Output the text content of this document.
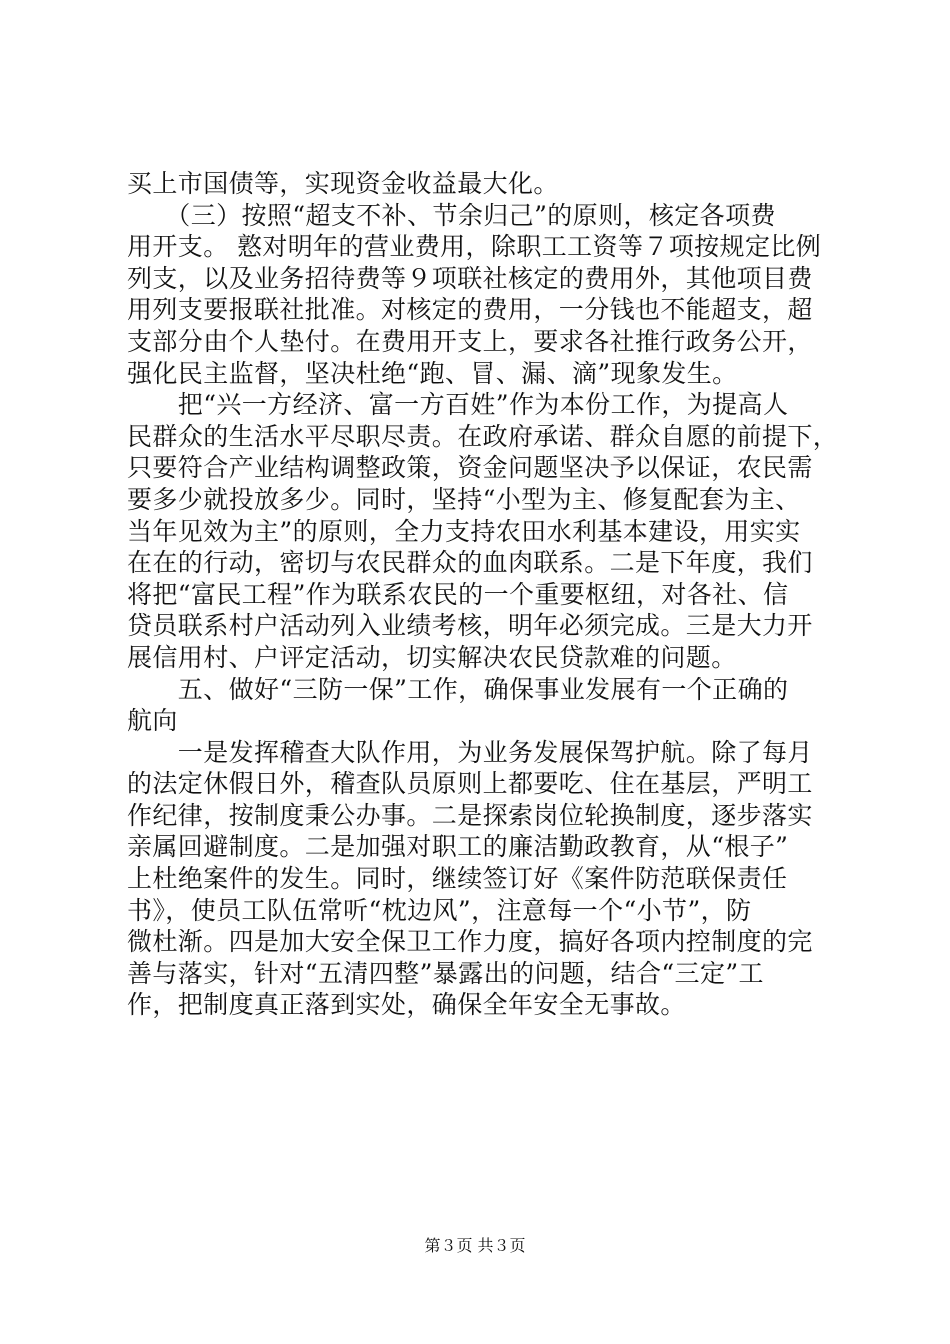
买上市国债等，实现资金收益最大化。
　　（三）按照“超支不补、节余归己”的原则，核定各项费
用开支。 憝对明年的营业费用，除职工工资等７项按规定比例
列支，以及业务招待费等９项联社核定的费用外，其他项目费
用列支要报联社批准。对核定的费用，一分钱也不能超支，超
支部分由个人垫付。在费用开支上，要求各社推行政务公开，
强化民主监督，坚决杜绝“跑、冒、漏、滴”现象发生。
　　把“兴一方经济、富一方百姓”作为本份工作，为提高人
民群众的生活水平尽职尽责。在政府承诺、群众自愿的前提下，
只要符合产业结构调整政策，资金问题坚决予以保证，农民需
要多少就投放多少。同时，坚持“小型为主、修复配套为主、
当年见效为主”的原则，全力支持农田水利基本建设，用实实
在在的行动，密切与农民群众的血肉联系。二是下年度，我们
将把“富民工程”作为联系农民的一个重要枢纽，对各社、信
贷员联系村户活动列入业绩考核，明年必须完成。三是大力开
展信用村、户评定活动，切实解决农民贷款难的问题。
　　五、做好“三防一保”工作，确保事业发展有一个正确的
航向
　　一是发挥稽查大队作用，为业务发展保驾护航。除了每月
的法定休假日外，稽查队员原则上都要吃、住在基层，严明工
作纪律，按制度秉公办事。二是探索岗位轮换制度，逐步落实
亲属回避制度。二是加强对职工的廉洁勤政教育，从“根子”
上杜绝案件的发生。同时，继续签订好《案件防范联保责任
书》，使员工队伍常听“枕边风”，注意每一个“小节”，防
微杜渐。四是加大安全保卫工作力度，搞好各项内控制度的完
善与落实，针对“五清四整”暴露出的问题，结合“三定”工
作，把制度真正落到实处，确保全年安全无事故。
第３页 共３页
